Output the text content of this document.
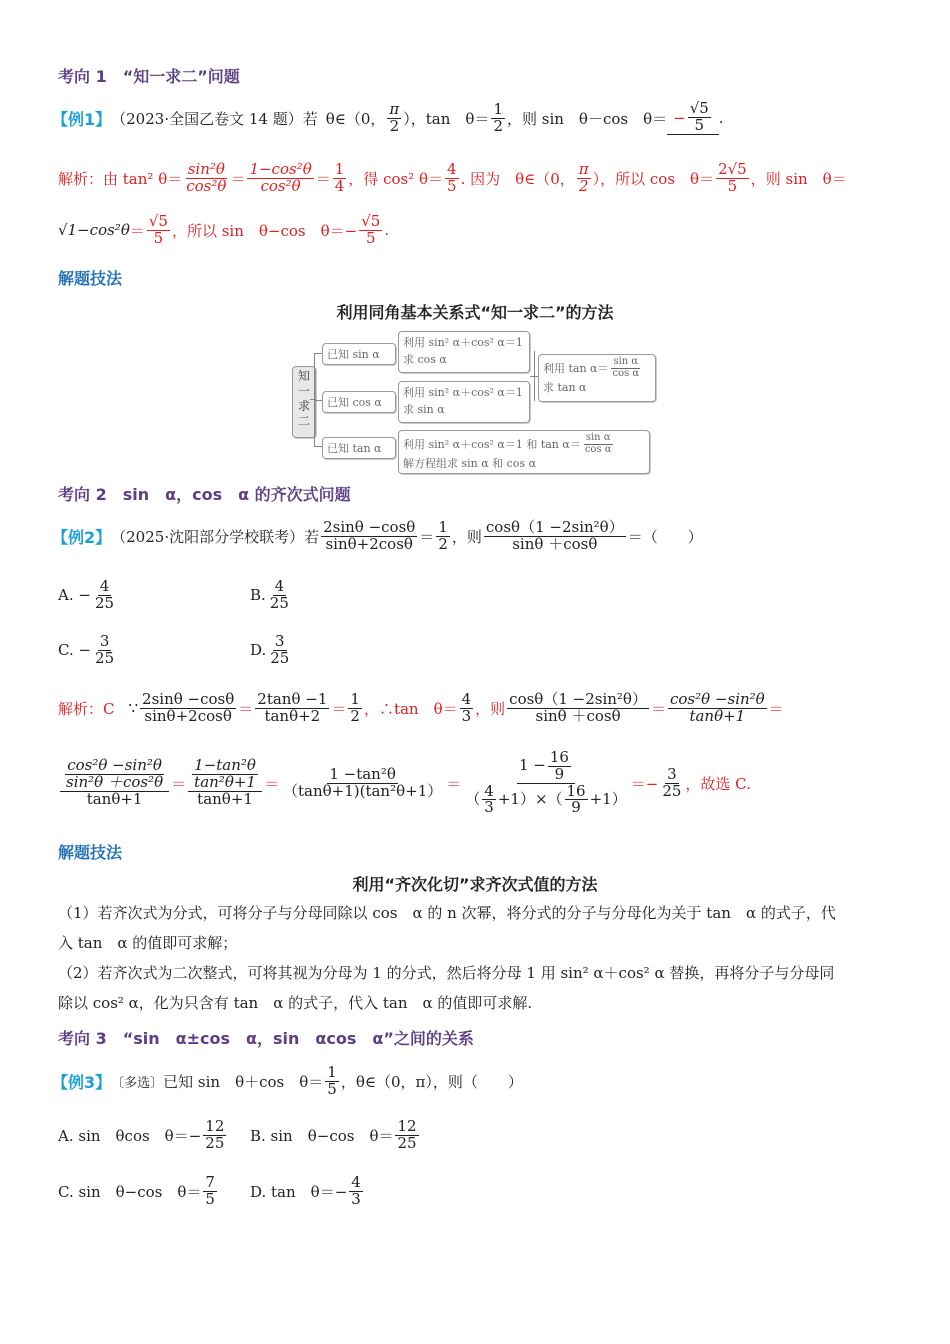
考向 1　“知一求二”问题
【例1】 （2023·全国乙卷文 14 题）若 θ∈（0， $\frac{\pi}{2}$ ），tan　$\theta= \frac{1}{2}$ ，则 sin　θ－cos　$\theta= - \frac{√5}{5}$ .
解析： 由 tan² $\theta= \frac{\text{sin²θ}}{\text{cos²θ}} = \frac{\text{1−cos²θ}}{\text{cos²θ}} = \frac{1}{4}$ ，得 cos² $\theta= \frac{4}{5}$ . 因为　θ∈（0， $\frac{\pi}{2}$ ），所以 cos　$\theta= \frac{2√5}{5}$ ，则 sin　θ＝
$√1-\cos^2\theta = \frac{√5}{5}$ ，所以 sin　θ−cos　$\theta=- \frac{√5}{5}$ .
解题技法
利用同角基本关系式“知一求二”的方法
知一求二
已知 sin α
已知 cos α
已知 tan α
利用 sin² α＋cos² α＝1
求 cos α
利用 sin² α＋cos² α＝1
求 sin α
利用 sin² α＋cos² α＝1 和 $\tan \alpha= \frac{\text{sin α}}{\text{cos α}}$
解方程组求 sin α 和 cos α
利用 $\tan \alpha= \frac{\text{sin α}}{\text{cos α}}$
求 tan α
考向 2　sin　α，cos　α 的齐次式问题
【例2】 （2025·沈阳部分学校联考）若 $\frac{2\sin\theta -\cos\theta}{\sin\theta+2\cos\theta} = \frac{1}{2}$ ，则 $\frac{\text{cosθ（1 −2sin²θ）}}{\sin\theta +\cos\theta}$ ＝（　　）
A. − $\frac{4}{25}$	B. $\frac{4}{25}$
C. − $\frac{3}{25}$	D. $\frac{3}{25}$
解析：C ∵ $\frac{2\sin\theta -\cos\theta}{\sin\theta+2\cos\theta} = \frac{2\tan\theta -1}{\tan\theta+2} = \frac{1}{2}$ ，∴tan　$\theta= \frac{4}{3}$ ，则 $\frac{\text{cosθ（1 −2sin²θ）}}{\sin\theta +\cos\theta} = \frac{\text{cos²θ −sin²θ}}{\tan\theta+1}$ ＝
$\frac{\frac{\text{cos²θ −sin²θ}}{\text{sin²θ ＋cos²θ}}}{\tan\theta+1} = \frac{\frac{\text{1−tan²θ}}{\text{tan²θ+1}}}{\tan\theta+1} = \frac{\text{1 −tan²θ}}{\text{（tanθ+1)(tan²θ+1）}} = \frac{1 - \frac{16}{9}}{( \frac{4}{3} +1)\times( \frac{16}{9} +1)} =- \frac{3}{25}$ ，故选 C.
解题技法
利用“齐次化切”求齐次式值的方法
（1）若齐次式为分式，可将分子与分母同除以 cos　α 的 n 次幂，将分式的分子与分母化为关于 tan　α 的式子，代
入 tan　α 的值即可求解；
（2）若齐次式为二次整式，可将其视为分母为 1 的分式，然后将分母 1 用 sin² α＋cos² α 替换，再将分子与分母同
除以 cos² α，化为只含有 tan　α 的式子，代入 tan　α 的值即可求解.
考向 3　“sin　α±cos　α，sin　αcos　α”之间的关系
【例3】 〔多选〕 已知 sin　θ＋cos　$\theta= \frac{1}{5}$ ，θ∈（0，π），则（　　）
A. sin　θcos　$\theta=- \frac{12}{25} B$. sin　θ−cos　$\theta= \frac{12}{25}$
C. sin　θ−cos　$\theta= \frac{7}{5} D$. tan　$\theta=- \frac{4}{3}$
